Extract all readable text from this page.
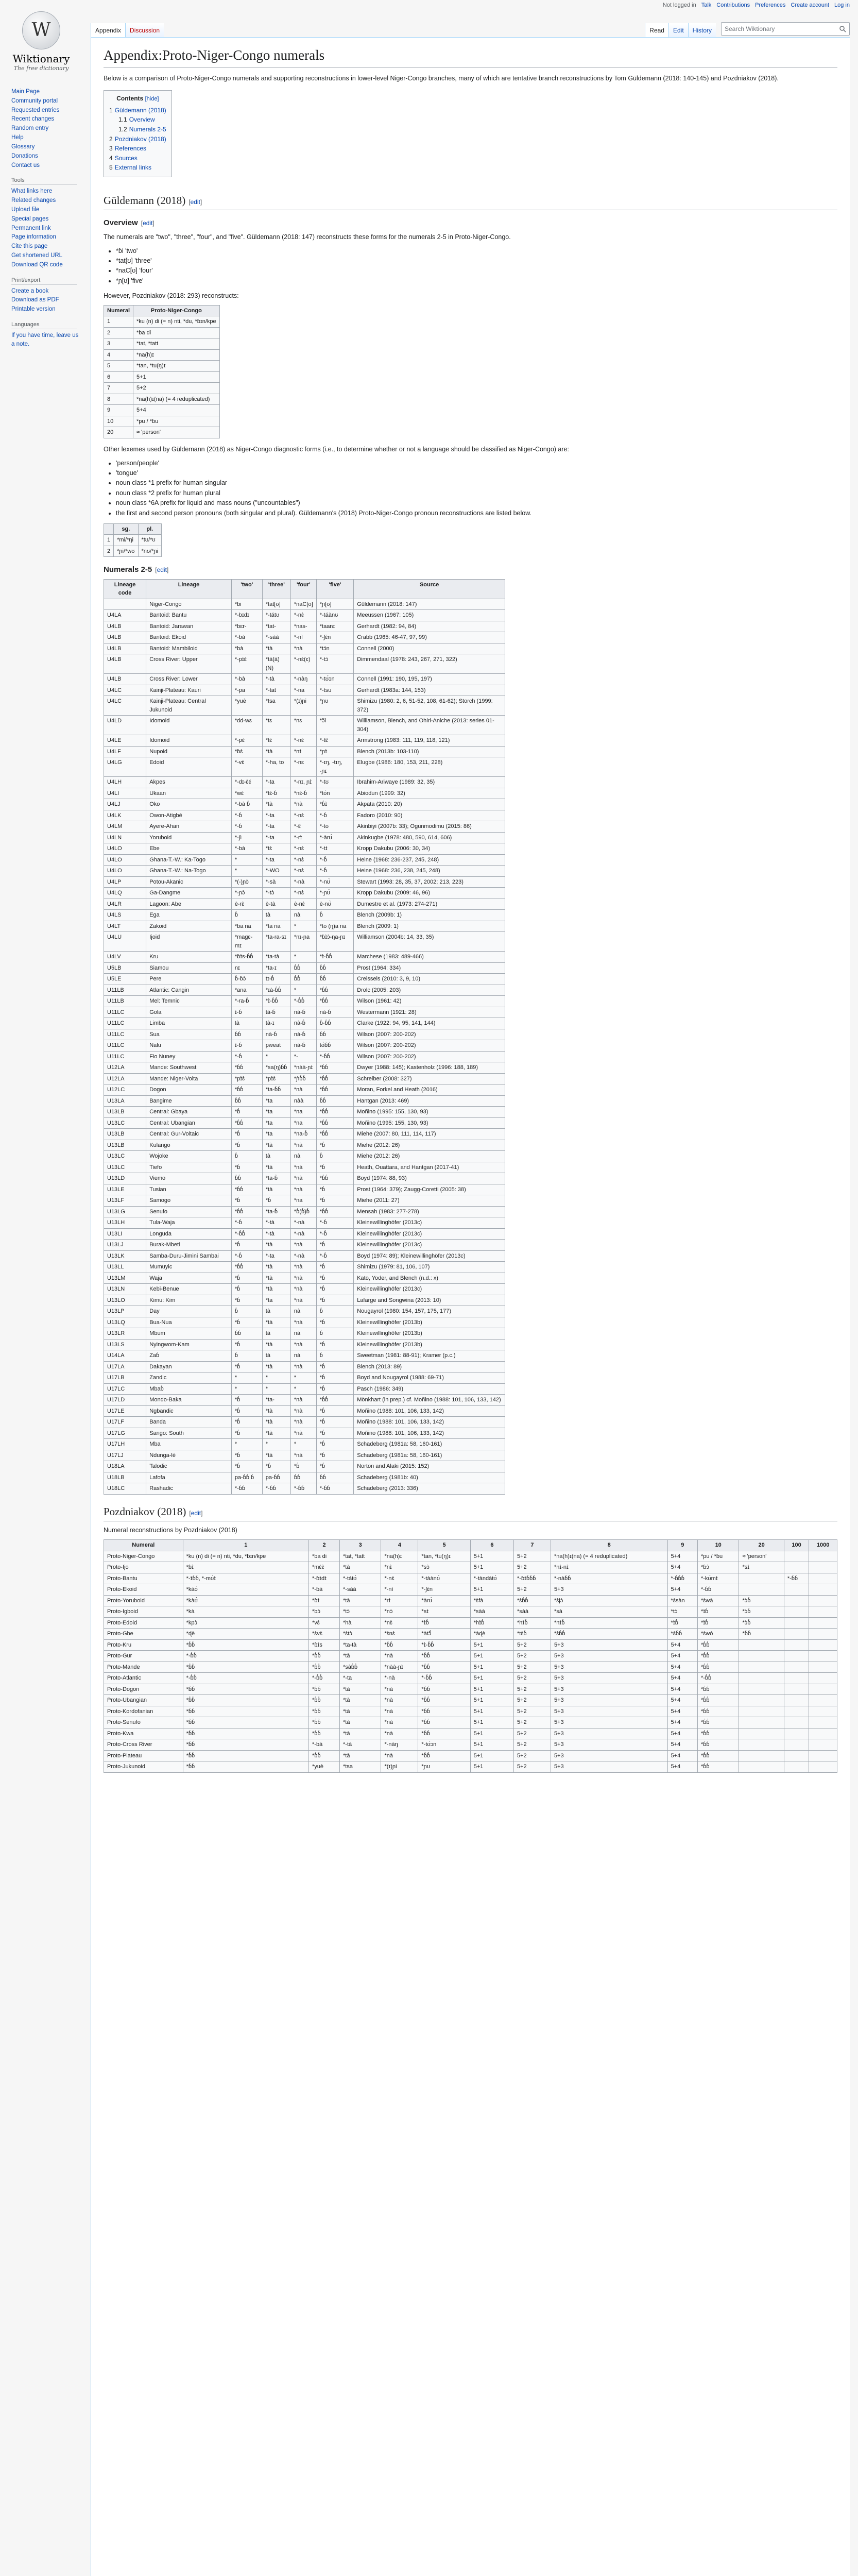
Not logged in Talk Contributions Preferences Create account Log in
W
Wiktionary
The free dictionary
Main Page
Community portal
Requested entries
Recent changes
Random entry
Help
Glossary
Donations
Contact us
Tools
What links here
Related changes
Upload file
Special pages
Permanent link
Page information
Cite this page
Get shortened URL
Download QR code
Print/export
Create a book
Download as PDF
Printable version
Languages
If you have time, leave us a note.
Appendix	Discussion	Read	Edit	History	Search Wiktionary
Appendix:Proto-Niger-Congo numerals

Below is a comparison of Proto-Niger-Congo numerals and supporting reconstructions in lower-level Niger-Congo branches, many of which are tentative branch reconstructions by Tom Güldemann (2018: 140-145) and Pozdniakov (2018).

Contents [hide]
1 Güldemann (2018)
1.1 Overview
1.2 Numerals 2-5
2 Pozdniakov (2018)
3 References
4 Sources
5 External links
Güldemann (2018) [edit]
Overview [edit]

The numerals are "two", "three", "four", and "five". Güldemann (2018: 147) reconstructs these forms for the numerals 2-5 in Proto-Niger-Congo.

• *ɓi 'two'
• *tat[ʊ] 'three'
• *naC[ʊ] 'four'
• *ɲ[ʊ] 'five'

However, Pozdniakov (2018: 293) reconstructs:

Numeral	Proto-Niger-Congo
1	*ku (n) di (= n) nti, *du, *ɓɪn/kpe
2	*ba di
3	*tat, *tatt
4	*na(h)ɪ
5	*tan, *tu(ŋ)ɪ
6	5+1
7	5+2
8	*na(h)ɪ(na) (= 4 reduplicated)
9	5+4
10	*pu / *ɓu
20	≈ 'person'

Other lexemes used by Güldemann (2018) as Niger-Congo diagnostic forms (i.e., to determine whether or not a language should be classified as Niger-Congo) are:

• 'person/people'
• 'tongue'
• noun class *1 prefix for human singular
• noun class *2 prefix for human plural
• noun class *6A prefix for liquid and mass nouns ("uncountables")
• the first and second person pronouns (both singular and plural). Güldemann's (2018) Proto-Niger-Congo pronoun reconstructions are listed below.
	sg.	pl.
1	*mi/*ŋi	*tʊ/*ʊ
2	*ɲi/*wʊ	*nʊ/*ɲi
Numerals 2-5 [edit]
Lineage code	Lineage	'two'	'three'	'four'	'five'	Source
	Niger-Congo	*ɓi	*tat[ʊ]	*naC[ʊ]	*ɲ[ʊ]	Güldemann (2018: 147)
U4LA	Bantoid: Bantu	*-bɪdɪ	*-tátʊ	*-nɛ̀	*-táànʊ	Meeussen (1967: 105)
U4LB	Bantoid: Jarawan	*bɛr-	*tat-	*nas-	*taanɪ	Gerhardt (1982: 94, 84)
U4LB	Bantoid: Ekoid	*-bá	*-sàà	*-nì	*-ʃɛ̀n	Crabb (1965: 46-47, 97, 99)
U4LB	Bantoid: Mambiloid	*bà	*tà	*nà	*tɔ́n	Connell (2000)
U4LB	Cross River: Upper	*-pɪ̀ɛ̀	*tá(á)(N)	*-nɛ̀(ɛ)	*-tɔ́	Dimmendaal (1978: 243, 267, 271, 322)
U4LB	Cross River: Lower	*-bà	*-tà	*-nàŋ	*-tʊ́ɔn	Connell (1991: 190, 195, 197)
U4LC	Kainji-Plateau: Kauri	*-pa	*-tat	*-na	*-tsu	Gerhardt (1983a: 144, 153)
U4LC	Kainji-Plateau: Central Jukunoid	*yuè	*tsa	*(ɪ)ɲi	*ɲʊ	Shimizu (1980: 2, 6, 51-52, 108, 61-62); Storch (1999: 372)
U4LD	Idomoid	*dd-wɛ	*tɛ	*nɛ	*ɔ̃l	Williamson, Blench, and Ohiri-Aniche (2013: series 01-304)
U4LE	Idomoid	*-pɛ̀	*tɛ̀	*-nɛ̀	*-tɛ̃	Armstrong (1983: 111, 119, 118, 121)
U4LF	Nupoid	*ɓɛ̀	*tà	*nɪ̀	*ɲɪ̀	Blench (2013b: 103-110)
U4LG	Edoid	*-vɛ̀	*-ha, to	*-nɛ	*-ɪŋ, -tɪŋ, -ɲɪ	Elugbe (1986: 180, 153, 211, 228)
U4LH	Akpes	*-dɪ-ɛ̀ɛ́	*-ta	*-nɪ, ɲɪ̀	*-tʊ	Ibrahim-Ariwaye (1989: 32, 35)
U4LI	Ukaan	*wɛ̀	*tɛ̀-ɓ̀	*nɛ̀-ɓ̀	*tʊ̀n	Abiodun (1999: 32)
U4LJ	Oko	*-bà ɓ̀	*tà	*nà	*ɓ̀ɪ̀	Akpata (2010: 20)
U4LK	Owon-Atigbé	*-ɓ̀	*-ta	*-nɛ̀	*-ɓ̀	Fadoro (2010: 90)
U4LM	Ayere-Ahan	*-ɓ̀	*-ta	*-ɛ̃	*-tʊ	Akinbiyi (2007b: 33); Ogunmodimu (2015: 86)
U4LN	Yoruboid	*-jì	*-ta	*-rɪ̀	*-àrʊ́	Akinkugbe (1978: 480, 590, 614, 606)
U4LO	Ebe	*-bà	*tɛ̀	*-nɛ̀	*-tɪ́	Kropp Dakubu (2006: 30, 34)
U4LO	Ghana-T.-W.: Ka-Togo	*	*-ta	*-nɛ̀	*-ɓ̀	Heine (1968: 236-237, 245, 248)
U4LO	Ghana-T.-W.: Na-Togo	*	*-WO	*-nɛ̀	*-ɓ̀	Heine (1968: 236, 238, 245, 248)
U4LP	Potou-Akanic	*(-)ɲɔ̀	*-sà	*-nà	*-nʊ̀	Stewart (1993: 28, 35, 37, 2002; 213, 223)
U4LQ	Ga-Dangme	*-ɲɔ̀	*-tɔ̀	*-nɛ̀	*-ɲʊ̀	Kropp Dakubu (2009: 46, 96)
U4LR	Lagoon: Abe	è-rɛ̀	è-tà	è-nɛ̀	è-nʊ̀	Dumestre et al. (1973: 274-271)
U4LS	Ega	ɓ̀	tà	nà	ɓ̀	Blench (2009b: 1)
U4LT	Zakoid	*ba na	*ta na	*	*tʊ (ŋ)a na	Blench (2009: 1)
U4LU	Ijoid	*magɛ-mɪ	*ta-ra-sɪ	*nɪ-ɲa	*ɓɪ̀ɔ̀-ŋa-ɲɪ	Williamson (2004b: 14, 33, 35)
U4LV	Kru	*ɓɪ̀s-ɓ̀ɓ̀	*ta-tà	*	*ɪ̀-ɓ̀ɓ̀	Marchese (1983: 489-466)
U5LB	Siamou	nɪ	*ta-ɪ	ɓ̀ɓ̀	ɓ̀ɓ̀	Prost (1964: 334)
U5LE	Pere	ɓ̀-ɓɔ̀	tɪ-ɓ̀	ɓ̀ɓ̀	ɓ̀ɓ̀	Creissels (2010: 3, 9, 10)
U11LB	Atlantic: Cangin	*ana	*ɪà-ɓ̀ɓ̀	*	*ɓ̀ɓ̀	Drolc (2005: 203)
U11LB	Mel: Temnic	*-ra-ɓ̀	*ɪ̀-ɓ̀ɓ̀	*-ɓ̀ɓ̀	*ɓ̀ɓ̀	Wilson (1961: 42)
U11LC	Gola	ɪ̀-ɓ̀	tà-ɓ̀	nà-ɓ̀	nà-ɓ̀	Westermann (1921: 28)
U11LC	Limba	tà	tà-ɪ	nà-ɓ̀	ɓ̀-ɓ̀ɓ̀	Clarke (1922: 94, 95, 141, 144)
U11LC	Sua	ɓ̀ɓ̀	nà-ɓ̀	nà-ɓ̀	ɓ̀ɓ̀	Wilson (2007: 200-202)
U11LC	Nalu	ɪ̀-ɓ̀	pweat	nà-ɓ̀	tʊ̀ɓ̀ɓ̀	Wilson (2007: 200-202)
U11LC	Fio Nuney	*-ɓ̀	*	*-	*-ɓ̀ɓ̀	Wilson (2007: 200-202)
U12LA	Mande: Southwest	*ɓ̀ɓ̀	*sa(ŋ)ɓ̀ɓ̀	*nàà-ɲɪ̀	*ɓ̀ɓ̀	Dwyer (1988: 145); Kastenholz (1996: 188, 189)
U12LA	Mande: Niger-Volta	*pɪ̀ɛ̀	*pɪ̀ɛ̀	*ɲ̀ɓ̀ɓ̀	*ɓ̀ɓ̀	Schreiber (2008: 327)
U12LC	Dogon	*ɓ̀ɓ̀	*ta-ɓ̀ɓ̀	*nà	*ɓ̀ɓ̀	Moran, Forkel and Heath (2016)
U13LA	Bangime	ɓ̀ɓ̀	*ta	nàà	ɓ̀ɓ̀	Hantgan (2013: 469)
U13LB	Central: Gbaya	*ɓ̀	*ta	*na	*ɓ̀ɓ̀	Moñino (1995: 155, 130, 93)
U13LC	Central: Ubangian	*ɓ̀ɓ̀	*ta	*na	*ɓ̀ɓ̀	Moñino (1995: 155, 130, 93)
U13LB	Central: Gur-Voltaic	*ɓ̀	*ta	*na-ɓ̀	*ɓ̀ɓ̀	Miehe (2007: 80, 111, 114, 117)
U13LB	Kulango	*ɓ̀	*tà	*nà	*ɓ̀	Miehe (2012: 26)
U13LC	Wojoke	ɓ̀	tà	nà	ɓ̀	Miehe (2012: 26)
U13LC	Tiefo	*ɓ̀	*tà	*nà	*ɓ̀	Heath, Ouattara, and Hantgan (2017-41)
U13LD	Viemo	ɓ̀ɓ̀	*ta-ɓ̀	*nà	*ɓ̀ɓ̀	Boyd (1974: 88, 93)
U13LE	Tusian	*ɓ̀ɓ̀	*tà	*nà	*ɓ̀	Prost (1964: 379); Zaugg-Coretti (2005: 38)
U13LF	Samogo	*ɓ̀	*ɓ̀	*na	*ɓ̀	Miehe (2011: 27)
U13LG	Senufo	*ɓ̀ɓ̀	*ta-ɓ̀	*ɓ̀(ɓ̀)ɓ̀	*ɓ̀ɓ̀	Mensah (1983: 277-278)
U13LH	Tula-Waja	*-ɓ̀	*-tà	*-nà	*-ɓ̀	Kleinewillinghöfer (2013c)
U13LI	Longuda	*-ɓ̀ɓ̀	*-tà	*-nà	*-ɓ̀	Kleinewillinghöfer (2013c)
U13LJ	Burak-Mbeti	*ɓ̀	*tà	*nà	*ɓ̀	Kleinewillinghöfer (2013c)
U13LK	Samba-Duru-Jimini Sambai	*-ɓ̀	*-ta	*-nà	*-ɓ̀	Boyd (1974: 89); Kleinewillinghöfer (2013c)
U13LL	Mumuyic	*ɓ̀ɓ̀	*tà	*nà	*ɓ̀	Shimizu (1979: 81, 106, 107)
U13LM	Waja	*ɓ̀	*tà	*nà	*ɓ̀	Kato, Yoder, and Blench (n.d.: x)
U13LN	Kebi-Benue	*ɓ̀	*tà	*nà	*ɓ̀	Kleinewillinghöfer (2013c)
U13LO	Kimu: Kim	*ɓ̀	*ta	*nà	*ɓ̀	Lafarge and Songwina (2013: 10)
U13LP	Day	ɓ̀	tà	nà	ɓ̀	Nougayrol (1980: 154, 157, 175, 177)
U13LQ	Bua-Nua	*ɓ̀	*tà	*nà	*ɓ̀	Kleinewillinghöfer (2013b)
U13LR	Mbum	ɓ̀ɓ̀	tà	nà	ɓ̀	Kleinewillinghöfer (2013b)
U13LS	Nyingwom-Kam	*ɓ̀	*tà	*nà	*ɓ̀	Kleinewillinghöfer (2013b)
U14LA	Zaɓ̀	ɓ̀	tà	nà	ɓ̀	Sweetman (1981: 88-91); Kramer (p.c.)
U17LA	Dakayan	*ɓ̀	*tà	*nà	*ɓ̀	Blench (2013: 89)
U17LB	Zandic	*	*	*	*ɓ̀	Boyd and Nougayrol (1988: 69-71)
U17LC	Mbaɓ̀	*	*	*	*ɓ̀	Pasch (1986: 349)
U17LD	Mondo-Baka	*ɓ̀	*ta-	*nà	*ɓ̀ɓ̀	Mönkhart (in prep.) cf. Moñino (1988: 101, 106, 133, 142)
U17LE	Ngbandic	*ɓ̀	*tà	*nà	*ɓ̀	Moñino (1988: 101, 106, 133, 142)
U17LF	Banda	*ɓ̀	*tà	*nà	*ɓ̀	Moñino (1988: 101, 106, 133, 142)
U17LG	Sango: South	*ɓ̀	*tà	*nà	*ɓ̀	Moñino (1988: 101, 106, 133, 142)
U17LH	Mba	*	*	*	*ɓ̀	Schadeberg (1981a: 58, 160-161)
U17LJ	Ndunga-lé	*ɓ̀	*tà	*nà	*ɓ̀	Schadeberg (1981a: 58, 160-161)
U18LA	Talodic	*ɓ̀	*ɓ̀	*ɓ̀	*ɓ̀	Norton and Alaki (2015: 152)
U18LB	Lafofa	pa-ɓ̀ɓ̀ ɓ̀	pa-ɓ̀ɓ̀	ɓ̀ɓ̀	ɓ̀ɓ̀	Schadeberg (1981b: 40)
U18LC	Rashadic	*-ɓ̀ɓ̀	*-ɓ̀ɓ̀	*-ɓ̀ɓ̀	*-ɓ̀ɓ̀	Schadeberg (2013: 336)
Pozdniakov (2018) [edit]

Numeral reconstructions by Pozdniakov (2018)

Numeral	1	2	3	4	5	6	7	8	9	10	20	100	1000
Proto-Niger-Congo	*ku (n) di (= n) nti, *du, *ɓɪn/kpe	*ba di	*tat, *tatt	*na(h)ɪ	*tan, *tu(ŋ)ɪ	5+1	5+2	*na(h)ɪ(na) (= 4 reduplicated)	5+4	*pu / *ɓu	≈ 'person'		
Proto-Ijo	*ɓɪ̀	*mɛ̀ɛ̀	*tà	*nɪ̀	*sɔ̀	5+1	5+2	*nɪ̀-nɪ̀	5+4	*ɓɔ̀	*sɪ̀		
Proto-Bantu	*-ɪ̀ɓ̀ɓ̀, *-mʊ̀ɪ̀	*-ɓɪ̀dɪ̀	*-tátʊ̀	*-nɛ̀	*-tàànʊ̀	*-tàndàtʊ̀	*-ɓɪ̀ɓ̀ɓ̀ɓ̀	*-nàɓ̀ɓ̀	*-ɓ̀ɓ̀ɓ̀	*-kʊ̀mɪ̀		*-ɓ̀ɓ̀	
Proto-Ekoid	*kàʊ̀	*-ɓà	*-sàà	*-nì	*-ʃɛ̀n	5+1	5+2	5+3	5+4	*-ɓ̀ɓ̀			
Proto-Yoruboid	*kàʊ̀	*ɓɪ̀	*tà	*rɪ̀	*àrʊ́	*ɛ̀fà	*ɛ̀ɓ̀ɓ̀	*ɛ̀jɔ̀	*ɛ̀sàn	*ɛ̀wà	*ɔ̀ɓ̀		
Proto-Igboid	*kà	*bɔ̀	*tɔ̀	*nɔ̀	*sɪ̀	*sàà	*sàà	*sà	*tɔ̀	*ɪ̀ɓ̀	*ɔ̀ɓ̀		
Proto-Edoid	*kpɔ̀	*vɛ̀	*hà	*nɛ̀	*ɪ̀ɓ̀	*hɪ̀ɓ̀	*hɪ̀ɓ̀	*nɪ̀ɓ̀	*ɪ̀ɓ̀	*ɪ̀ɓ̀	*ɔ̀ɓ̀		
Proto-Gbe	*ɖè	*ɛ̀vɛ̀	*ɛ̀tɔ̀	*ɛ̀nɛ̀	*àtɔ̃̀	*àɖè	*tɛ̀ɓ̀	*ɛ̀ɓ̀ɓ̀	*ɛ̀ɓ̀ɓ̀	*ɛ̀wó	*ɓ̀ɓ̀		
Proto-Kru	*ɓ̀ɓ̀	*ɓɪ̀s	*ta-tà	*ɓ̀ɓ̀	*ɪ̀-ɓ̀ɓ̀	5+1	5+2	5+3	5+4	*ɓ̀ɓ̀			
Proto-Gur	*-ɓ̀ɓ̀	*ɓ̀ɓ̀	*tà	*nà	*ɓ̀ɓ̀	5+1	5+2	5+3	5+4	*ɓ̀ɓ̀			
Proto-Mande	*ɓ̀ɓ̀	*ɓ̀ɓ̀	*sàɓ̀ɓ̀	*nàà-ɲɪ̀	*ɓ̀ɓ̀	5+1	5+2	5+3	5+4	*ɓ̀ɓ̀			
Proto-Atlantic	*-ɓ̀ɓ̀	*-ɓ̀ɓ̀	*-ta	*-nà	*-ɓ̀ɓ̀	5+1	5+2	5+3	5+4	*-ɓ̀ɓ̀			
Proto-Dogon	*ɓ̀ɓ̀	*ɓ̀ɓ̀	*tà	*nà	*ɓ̀ɓ̀	5+1	5+2	5+3	5+4	*ɓ̀ɓ̀			
Proto-Ubangian	*ɓ̀ɓ̀	*ɓ̀ɓ̀	*tà	*nà	*ɓ̀ɓ̀	5+1	5+2	5+3	5+4	*ɓ̀ɓ̀			
Proto-Kordofanian	*ɓ̀ɓ̀	*ɓ̀ɓ̀	*tà	*nà	*ɓ̀ɓ̀	5+1	5+2	5+3	5+4	*ɓ̀ɓ̀			
Proto-Senufo	*ɓ̀ɓ̀	*ɓ̀ɓ̀	*tà	*nà	*ɓ̀ɓ̀	5+1	5+2	5+3	5+4	*ɓ̀ɓ̀			
Proto-Kwa	*ɓ̀ɓ̀	*ɓ̀ɓ̀	*tà	*nà	*ɓ̀ɓ̀	5+1	5+2	5+3	5+4	*ɓ̀ɓ̀			
Proto-Cross River	*ɓ̀ɓ̀	*-bà	*-tà	*-nàŋ	*-tʊ́ɔn	5+1	5+2	5+3	5+4	*ɓ̀ɓ̀			
Proto-Plateau	*ɓ̀ɓ̀	*ɓ̀ɓ̀	*tà	*nà	*ɓ̀ɓ̀	5+1	5+2	5+3	5+4	*ɓ̀ɓ̀			
Proto-Jukunoid	*ɓ̀ɓ̀	*yuè	*tsa	*(ɪ)ɲi	*ɲʊ	5+1	5+2	5+3	5+4	*ɓ̀ɓ̀			
